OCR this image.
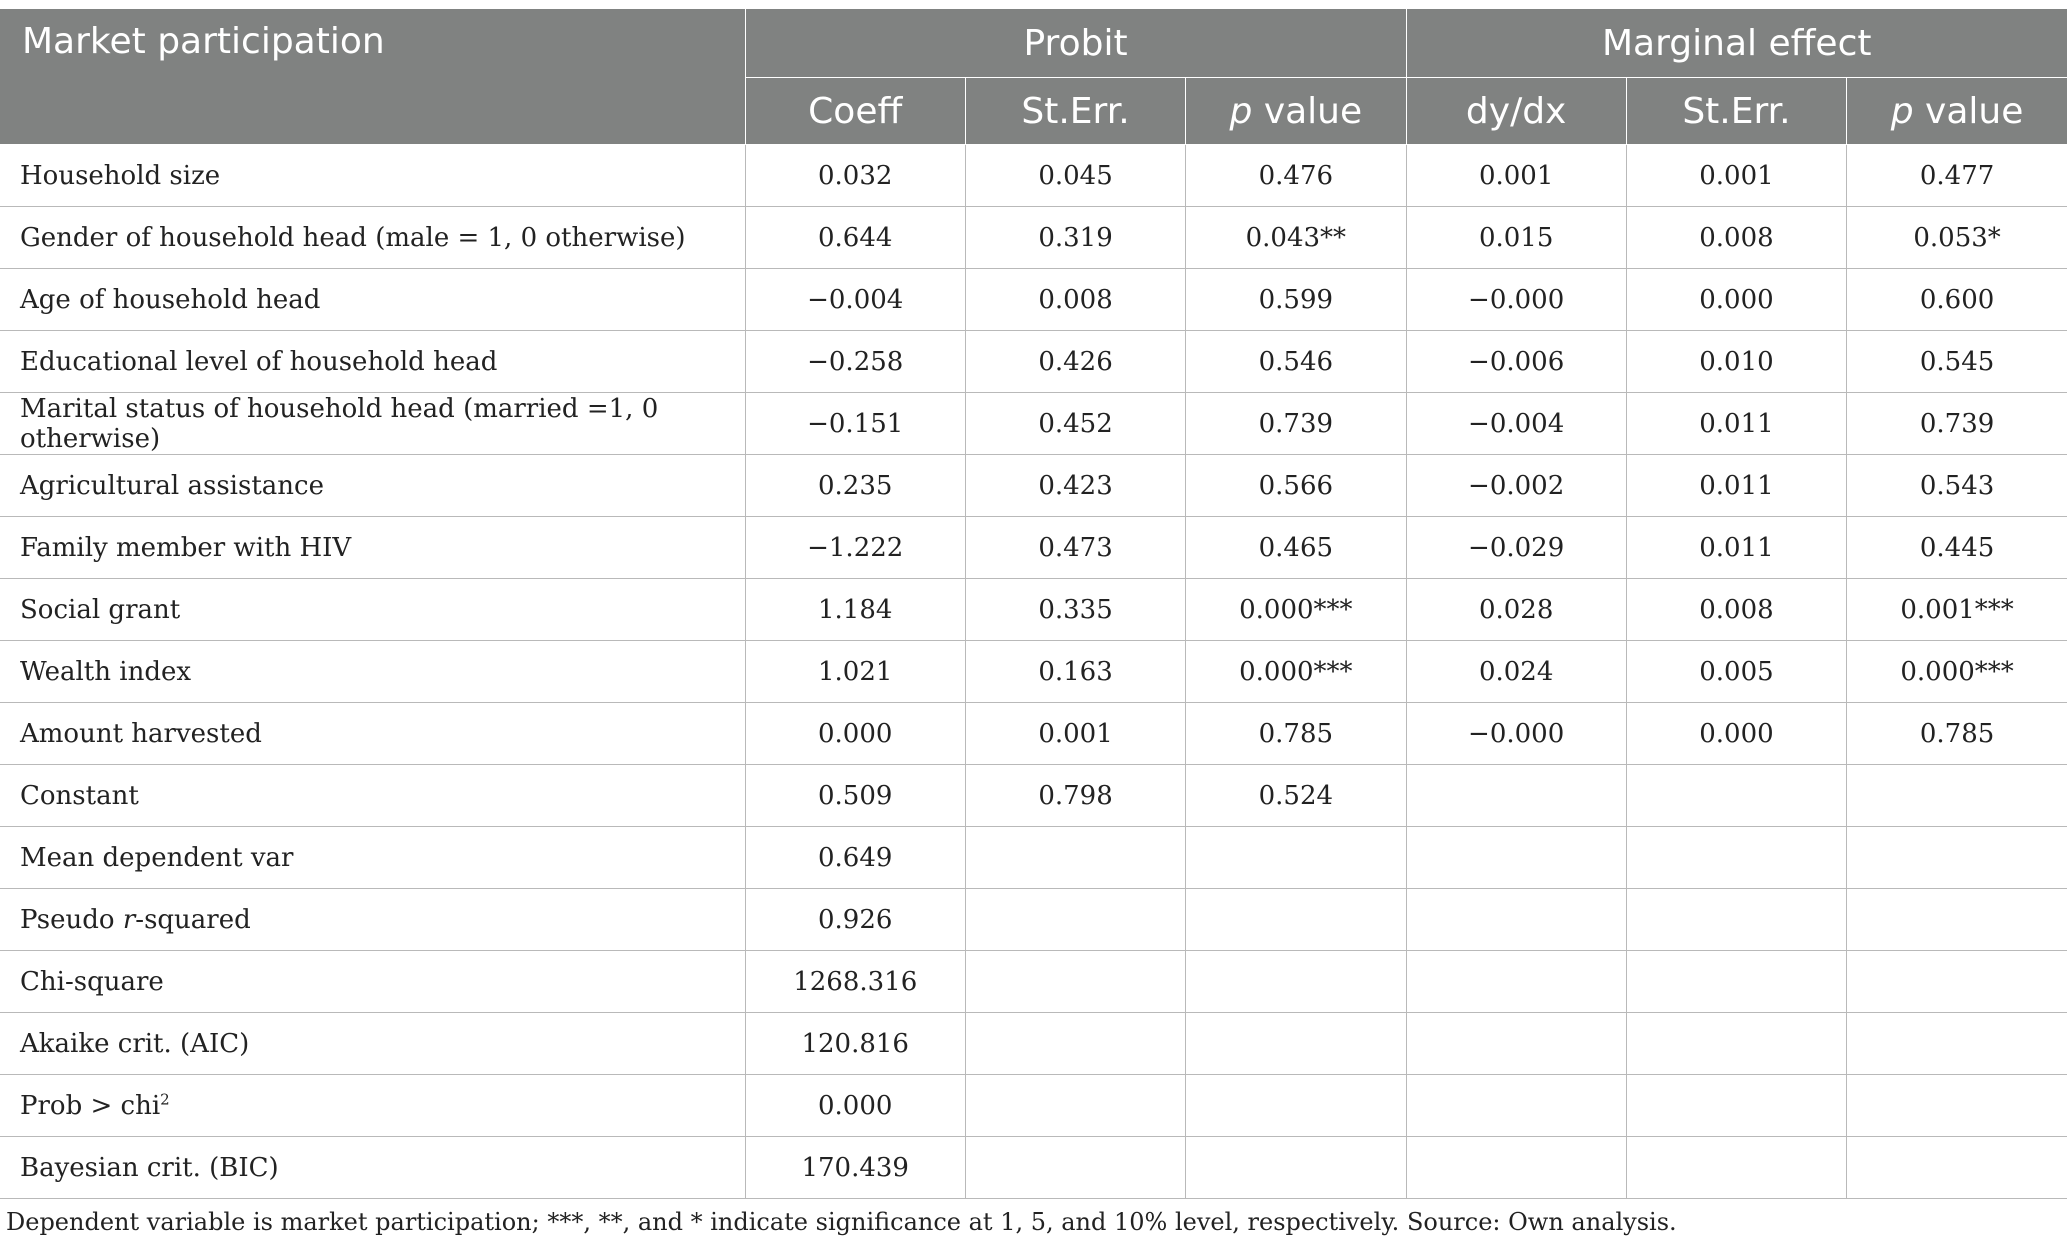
Market participation	Probit			Marginal effect		
	Coeff	St.Err.	p value	dy/dx	St.Err.	p value
Household size	0.032	0.045	0.476	0.001	0.001	0.477
Gender of household head (male = 1, 0 otherwise)	0.644	0.319	0.043**	0.015	0.008	0.053*
Age of household head	−0.004	0.008	0.599	−0.000	0.000	0.600
Educational level of household head	−0.258	0.426	0.546	−0.006	0.010	0.545
Marital status of household head (married =1, 0 otherwise)	−0.151	0.452	0.739	−0.004	0.011	0.739
Agricultural assistance	0.235	0.423	0.566	−0.002	0.011	0.543
Family member with HIV	−1.222	0.473	0.465	−0.029	0.011	0.445
Social grant	1.184	0.335	0.000***	0.028	0.008	0.001***
Wealth index	1.021	0.163	0.000***	0.024	0.005	0.000***
Amount harvested	0.000	0.001	0.785	−0.000	0.000	0.785
Constant	0.509	0.798	0.524			
Mean dependent var	0.649					
Pseudo r-squared	0.926					
Chi-square	1268.316					
Akaike crit. (AIC)	120.816					
Prob > chi$^2$	0.000					
Bayesian crit. (BIC)	170.439					
Dependent variable is market participation; ***, **, and * indicate significance at 1, 5, and 10% level, respectively. Source: Own analysis.
